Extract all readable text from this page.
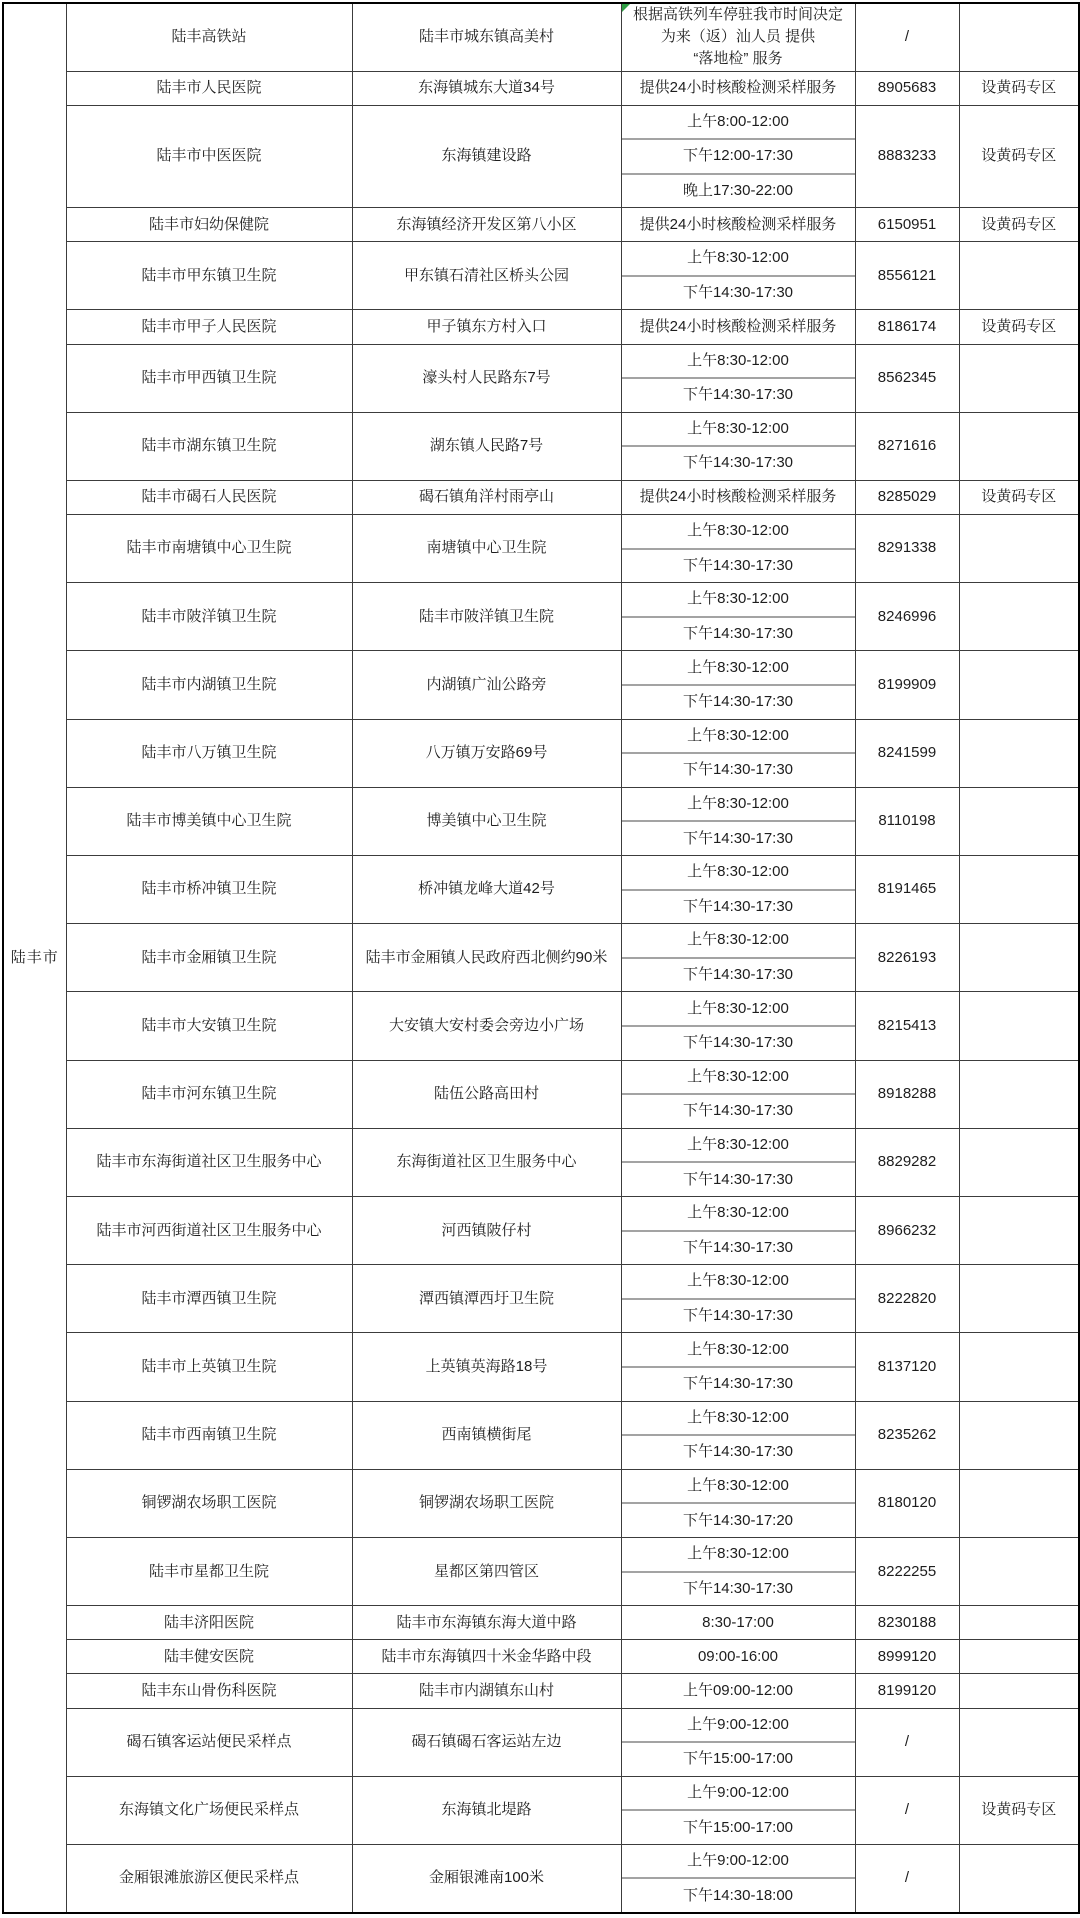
陆丰市	陆丰高铁站	陆丰市城东镇高美村	根据高铁列车停驻我市时间决定
为来（返）汕人员 提供
“落地检” 服务	/	
	陆丰市人民医院	东海镇城东大道34号	提供24小时核酸检测采样服务	8905683	设黄码专区
	陆丰市中医医院	东海镇建设路	上午8:00-12:00
下午12:00-17:30
晚上17:30-22:00	8883233	设黄码专区
	陆丰市妇幼保健院	东海镇经济开发区第八小区	提供24小时核酸检测采样服务	6150951	设黄码专区
	陆丰市甲东镇卫生院	甲东镇石清社区桥头公园	上午8:30-12:00
下午14:30-17:30	8556121	
	陆丰市甲子人民医院	甲子镇东方村入口	提供24小时核酸检测采样服务	8186174	设黄码专区
	陆丰市甲西镇卫生院	濠头村人民路东7号	上午8:30-12:00
下午14:30-17:30	8562345	
	陆丰市湖东镇卫生院	湖东镇人民路7号	上午8:30-12:00
下午14:30-17:30	8271616	
	陆丰市碣石人民医院	碣石镇角洋村雨亭山	提供24小时核酸检测采样服务	8285029	设黄码专区
	陆丰市南塘镇中心卫生院	南塘镇中心卫生院	上午8:30-12:00
下午14:30-17:30	8291338	
	陆丰市陂洋镇卫生院	陆丰市陂洋镇卫生院	上午8:30-12:00
下午14:30-17:30	8246996	
	陆丰市内湖镇卫生院	内湖镇广汕公路旁	上午8:30-12:00
下午14:30-17:30	8199909	
	陆丰市八万镇卫生院	八万镇万安路69号	上午8:30-12:00
下午14:30-17:30	8241599	
	陆丰市博美镇中心卫生院	博美镇中心卫生院	上午8:30-12:00
下午14:30-17:30	8110198	
	陆丰市桥冲镇卫生院	桥冲镇龙峰大道42号	上午8:30-12:00
下午14:30-17:30	8191465	
	陆丰市金厢镇卫生院	陆丰市金厢镇人民政府西北侧约90米	上午8:30-12:00
下午14:30-17:30	8226193	
	陆丰市大安镇卫生院	大安镇大安村委会旁边小广场	上午8:30-12:00
下午14:30-17:30	8215413	
	陆丰市河东镇卫生院	陆伍公路高田村	上午8:30-12:00
下午14:30-17:30	8918288	
	陆丰市东海街道社区卫生服务中心	东海街道社区卫生服务中心	上午8:30-12:00
下午14:30-17:30	8829282	
	陆丰市河西街道社区卫生服务中心	河西镇陂仔村	上午8:30-12:00
下午14:30-17:30	8966232	
	陆丰市潭西镇卫生院	潭西镇潭西圩卫生院	上午8:30-12:00
下午14:30-17:30	8222820	
	陆丰市上英镇卫生院	上英镇英海路18号	上午8:30-12:00
下午14:30-17:30	8137120	
	陆丰市西南镇卫生院	西南镇横街尾	上午8:30-12:00
下午14:30-17:30	8235262	
	铜锣湖农场职工医院	铜锣湖农场职工医院	上午8:30-12:00
下午14:30-17:20	8180120	
	陆丰市星都卫生院	星都区第四管区	上午8:30-12:00
下午14:30-17:30	8222255	
	陆丰济阳医院	陆丰市东海镇东海大道中路	8:30-17:00	8230188	
	陆丰健安医院	陆丰市东海镇四十米金华路中段	09:00-16:00	8999120	
	陆丰东山骨伤科医院	陆丰市内湖镇东山村	上午09:00-12:00	8199120	
	碣石镇客运站便民采样点	碣石镇碣石客运站左边	上午9:00-12:00
下午15:00-17:00	/	
	东海镇文化广场便民采样点	东海镇北堤路	上午9:00-12:00
下午15:00-17:00	/	设黄码专区
	金厢银滩旅游区便民采样点	金厢银滩南100米	上午9:00-12:00
下午14:30-18:00	/	
